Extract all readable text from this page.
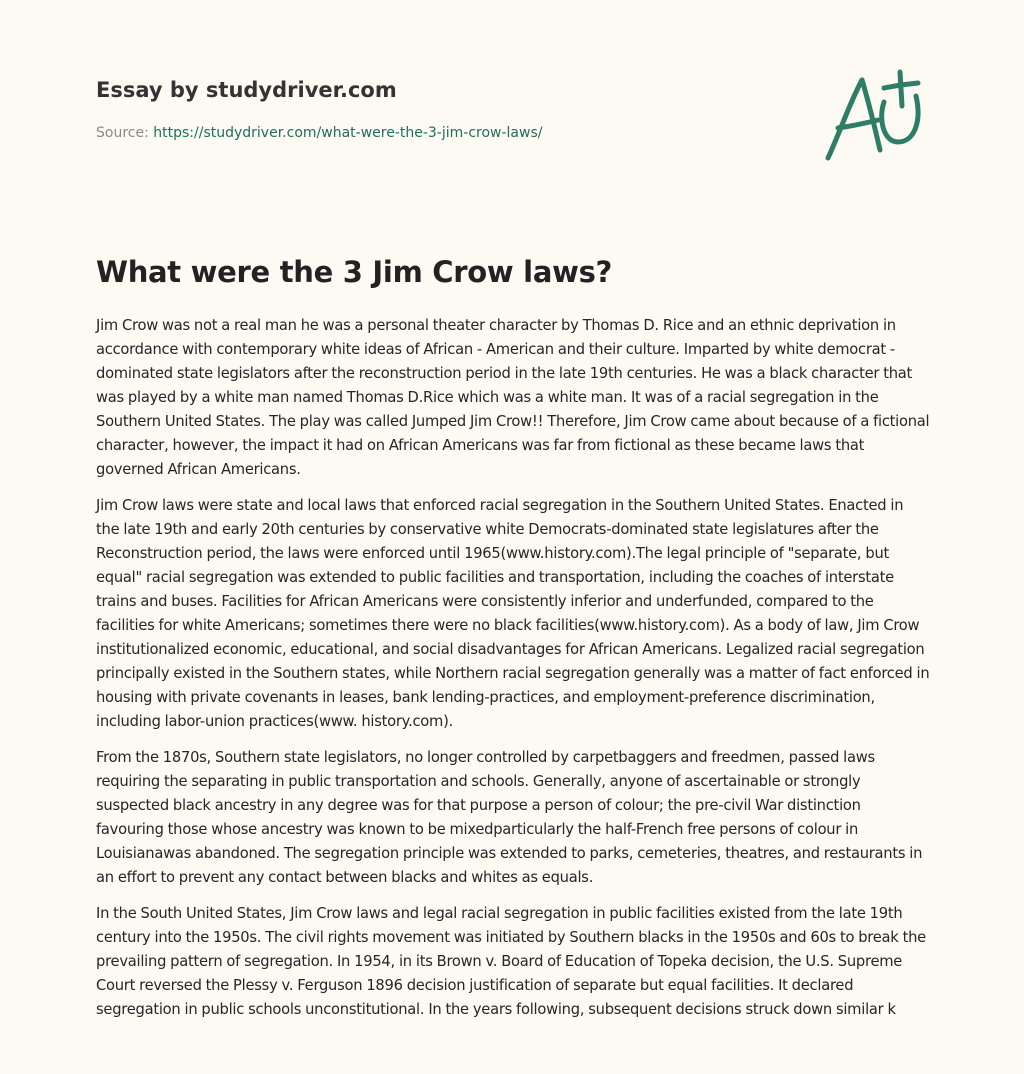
Essay by studydriver.com
Source: https://studydriver.com/what-were-the-3-jim-crow-laws/
What were the 3 Jim Crow laws?

Jim Crow was not a real man he was a personal theater character by Thomas D. Rice and an ethnic deprivation in accordance with contemporary white ideas of African - American and their culture. Imparted by white democrat - dominated state legislators after the reconstruction period in the late 19th centuries. He was a black character that was played by a white man named Thomas D.Rice which was a white man. It was of a racial segregation in the Southern United States. The play was called Jumped Jim Crow!! Therefore, Jim Crow came about because of a fictional character, however, the impact it had on African Americans was far from fictional as these became laws that governed African Americans.

Jim Crow laws were state and local laws that enforced racial segregation in the Southern United States. Enacted in the late 19th and early 20th centuries by conservative white Democrats-dominated state legislatures after the Reconstruction period, the laws were enforced until 1965(www.history.com).The legal principle of "separate, but equal" racial segregation was extended to public facilities and transportation, including the coaches of interstate trains and buses. Facilities for African Americans were consistently inferior and underfunded, compared to the facilities for white Americans; sometimes there were no black facilities(www.history.com). As a body of law, Jim Crow institutionalized economic, educational, and social disadvantages for African Americans. Legalized racial segregation principally existed in the Southern states, while Northern racial segregation generally was a matter of fact enforced in housing with private covenants in leases, bank lending-practices, and employment-preference discrimination, including labor-union practices(www. history.com).

From the 1870s, Southern state legislators, no longer controlled by carpetbaggers and freedmen, passed laws requiring the separating in public transportation and schools. Generally, anyone of ascertainable or strongly suspected black ancestry in any degree was for that purpose a person of colour; the pre-civil War distinction favouring those whose ancestry was known to be mixedparticularly the half-French free persons of colour in Louisianawas abandoned. The segregation principle was extended to parks, cemeteries, theatres, and restaurants in an effort to prevent any contact between blacks and whites as equals.

In the South United States, Jim Crow laws and legal racial segregation in public facilities existed from the late 19th century into the 1950s. The civil rights movement was initiated by Southern blacks in the 1950s and 60s to break the prevailing pattern of segregation. In 1954, in its Brown v. Board of Education of Topeka decision, the U.S. Supreme Court reversed the Plessy v. Ferguson 1896 decision justification of separate but equal facilities. It declared segregation in public schools unconstitutional. In the years following, subsequent decisions struck down similar k
